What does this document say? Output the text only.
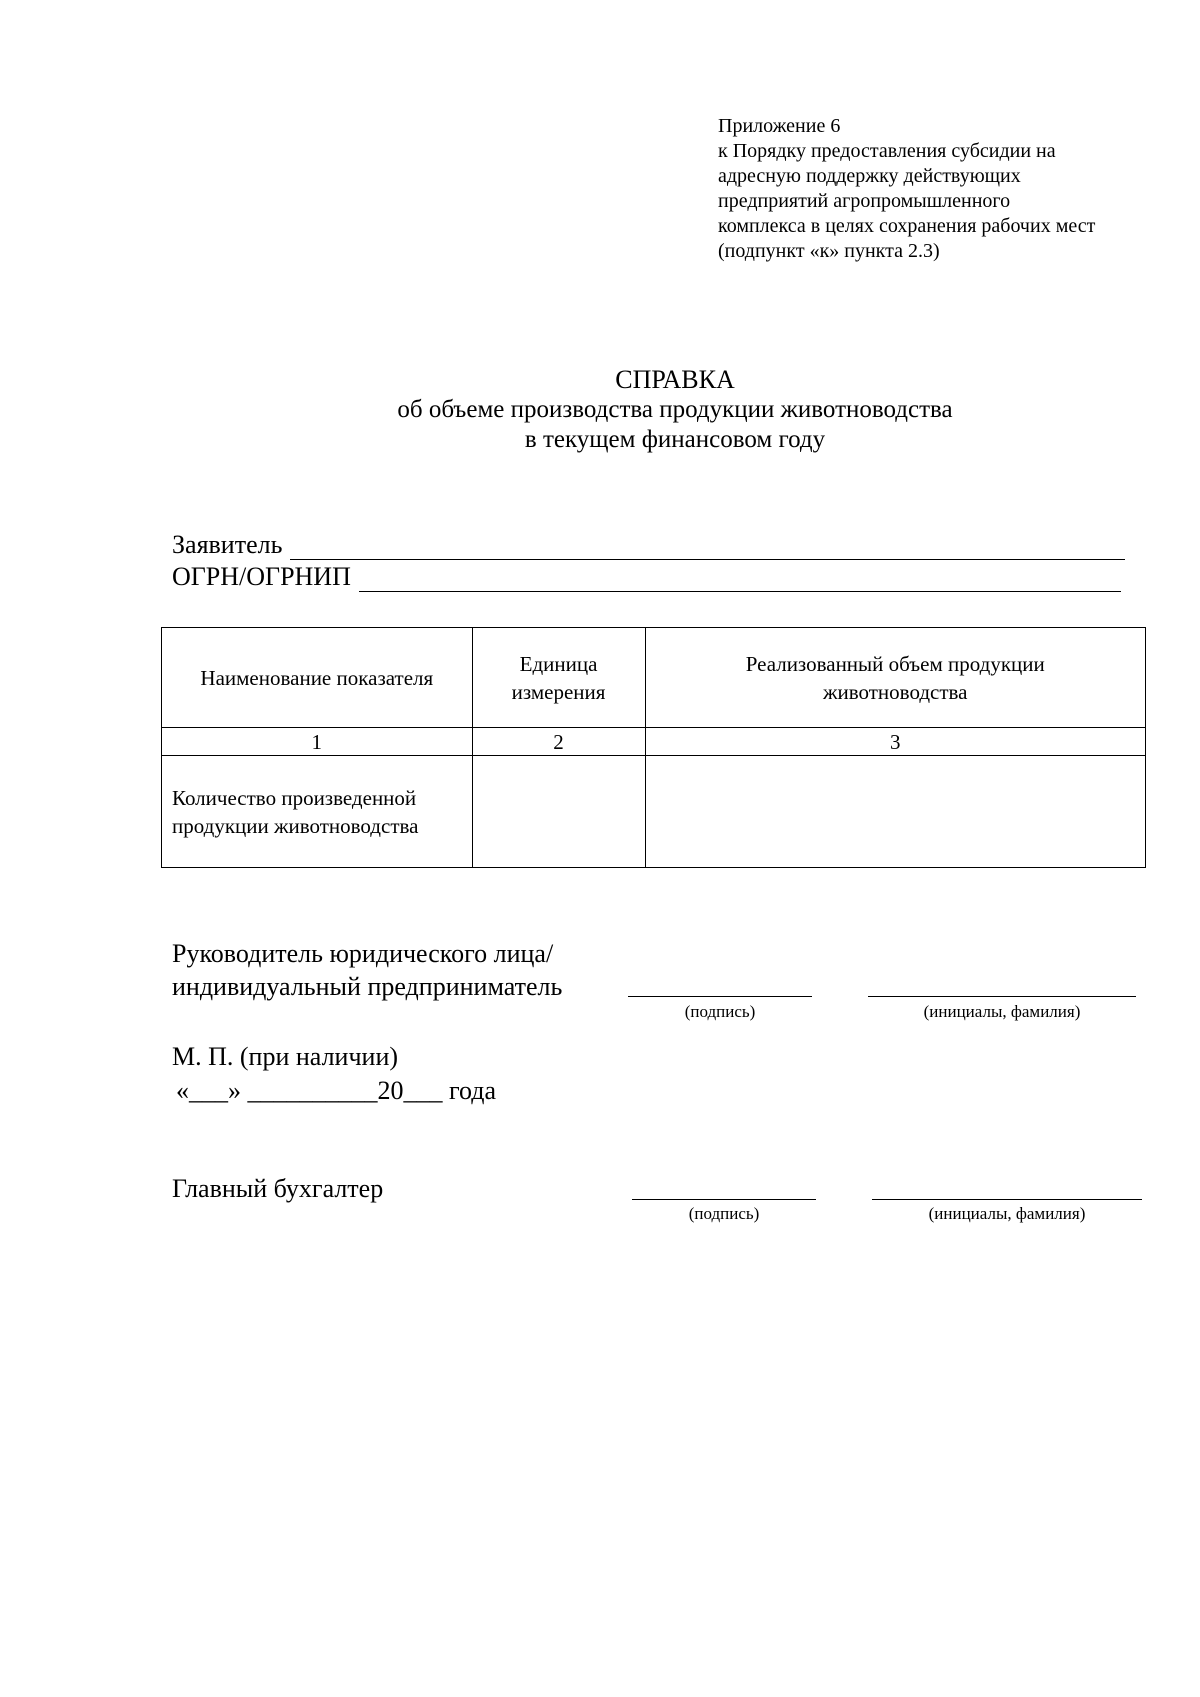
Приложение 6
к Порядку предоставления субсидии на
адресную поддержку действующих
предприятий агропромышленного
комплекса в целях сохранения рабочих мест
(подпункт «к» пункта 2.3)
СПРАВКА
об объеме производства продукции животноводства
в текущем финансовом году
Заявитель
ОГРН/ОГРНИП
Наименование показателя	Единица измерения	Реализованный объем продукции животноводства

1	2	3
Количество произведенной продукции животноводства		
Руководитель юридического лица/
индивидуальный предприниматель
(подпись)	(инициалы, фамилия)
М. П. (при наличии)
«___» __________20___ года
Главный бухгалтер
(подпись)	(инициалы, фамилия)
